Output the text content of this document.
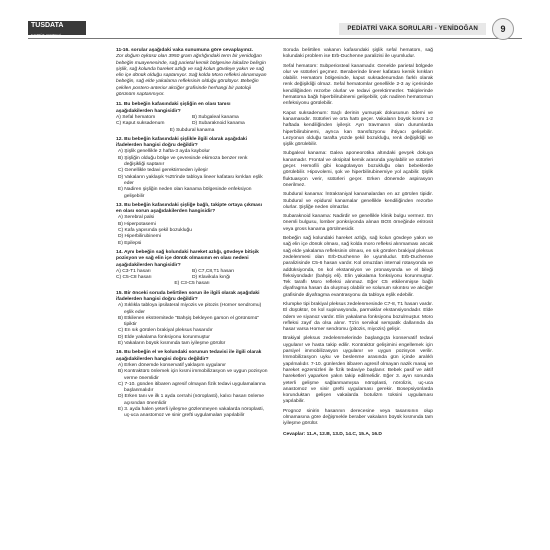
TUSDATA
KAMPÜS YAYINEVİ
PEDİATRİ VAKA SORULARI - YENİDOĞAN	9
11-16. sorular aşağıdaki vaka sunumuna göre cevaplayınız.
Zor doğum öyküsü olan 3950 gram ağırlığındaki term bir yenidoğan bebeğin muayenesinde, sağ parietal kemik bölgesine lokalize belirgin şişlik, sağ kolunda hareket azlığı ve sağ kolun gövdeye yakın ve sağ elin içe dönük olduğu saptanıyor. Sağ kolda Moro refleksi alınamayan bebeğin, sağ elde yakalama refleksinin olduğu görülüyor. Bebeğin çekilen postero-anterior akciğer grafisinde herhangi bir patoloji görünüm saptanmıyor.
11. Bu bebeğin kafasındaki şişliğin en olası tanısı aşağıdakilerden hangisidir?
A) Sefal hematom	B) Subgaleal kanama
C) Kaput suksadenum	D) Subaraknoid kanama
E) Subdural kanama
12. Bu bebeğin kafasındaki şişlikle ilgili olarak aşağıdaki ifadelerden hangisi doğru değildir?
A) Şişlik genellikle 2 hafta-3 ayda kaybolur
B) Şişliğin olduğu bölge ve çevresinde ekimoza benzer renk değişikliği saptanır
C) Genellikle tedavi gerektirmeden iyileşir
D) Vakaların yaklaşık %25'inde tabloya lineer kafatası kırıkları eşlik eder
E) Nadiren şişliğin neden olan kanama bölgesinde enfeksiyon gelişebilir
13. Bu bebeğin kafasındaki şişliğe bağlı, takipte ortaya çıkması en olası sorun aşağıdakilerden hangisidir?
A) Serebral palsi
B) Hiperpotasemi
C) Kafa yapısında şekil bozukluğu
D) Hiperbilirubinemi
E) Epilepsi
14. Aynı bebeğin sağ kolundaki hareket azlığı, gövdeye bitişik pozisyon ve sağ elin içe dönük olmasının en olası nedeni aşağıdakilerden hangisidir?
A) C3-T1 hasarı	B) C7,C8,T1 hasarı
C) C5-C8 hasarı	D) Klavikula kırığı
E) C3-C5 hasarı
15. Bir önceki soruda belirtilen sorun ile ilgili olarak aşağıdaki ifadelerden hangisi doğru değildir?
A) Sıklıkla tabloya ipsilateral miyozis ve pitozis (Horner sendromu) eşlik eder
B) Etkilenen ekstremitede "Bahşiş bekleyen garson el görünümü" tipiktir
C) En sık görülen brakiyal pleksus hasarıdır
D) Elde yakalama fonksiyonu korunmuştur
E) Vakaların büyük kısmında tam iyileşme görülür
16. Bu bebeğin el ve kolundaki sorunun tedavisi ile ilgili olarak aşağıdakilerden hangisi doğru değildir?
A) Erken dönemde konservatif yaklaşım uygulanır
B) Kontraktürü önlemek için kısmi immobilizasyon ve uygun pozisyon verme önemlidir
C) 7-10. günden itibaren agresif olmayan fizik tedavi uygulamalarına başlanmalıdır
D) Erken tanı ve ilk 1 ayda cerrahi (nöroplasti), kalıcı hasarı önleme açısından önemlidir
E) 3. ayda halen yeterli iyileşme gözlenmeyen vakalarda nöroplasti, uç-uca anastomoz ve sinir grefti uygulamaları yapılabilir
Soruda belirtilen vakanın kafasındaki şişlik sefal hematom, sağ kolundaki problem ise Erb-Duchenne paralizisi ile uyumludur.
Sefal hematom: Subperiosteal kanamadır. Genelde parietal bölgede olur ve sütürleri geçmez. Beraberinde lineer kafatası kemik kırıkları olabilir. Hematom bölgesinde, kaput suksadenumdan farklı olarak renk değişikliği olmaz. Sefal hematomlar genellikle 2-3 ay içerisinde kendiliğinden rezorbe olurlar ve tedavi gerektirmezler. Takiplerinde hematoma bağlı hiperbilirubinemi gelişebilir, çok nadiren hematomun enfeksiyonu görülebilir.
Kaput suksadenum: Saçlı derinin yumuşak dokusunun ödemi ve kanamasıdır. Sütürleri ve orta hattı geçer. Vakaların büyük kısmı 1-2 haftada kendiliğinden iyileşir. Ayrı travmanın olan durumlarda hiperbilirubinemi, ayrıca kan transfüzyonu ihtiyacı gelişebilir. Lezyonun olduğu tarafta yüzde şekil bozukluğu, renk değişikliği ve şişlik görülebilir.
Subgaleal kanama: Galea aponeorotika altındaki gevşek dokuya kanamadır. Frontal ve oksipital kemik arasında yayılabilir ve sütürleri geçer. Hemofili gibi koagülasyon bozukluğu olan bebeklerde görülebilir. Hipovolemi, şok ve hiperbilirubinemiye yol açabilir. Şişlik fluktuasyon verir, sütürleri geçer. Erken dönemde aspirasyon önerilmez.
Subdural kanama: İntrakraniyal kanamalardan en az görülen tipidir. Subdural ve epidural kanamalar genellikle kendiliğinden rezorbe olurlar. Şişliğe neden olmazlar.
Subaraknoid kanama: Nadirdir ve genellikle klinik bulgu vermez. En önemli bulgusu, lomber ponksiyonda alınan BOS örneğinde eritrosit veya gross kanama görülmesidir.
Bebeğin sağ kolundaki hareket azlığı, sağ kolun gövdeye yakın ve sağ elin içe dönük olması, sağ kolda moro refleksi alınmaması ancak sağ elde yakalama refleksinin olması, en sık görülen brakiyal pleksus zedelenmesi olan Erb-Duchenne ile uyumludur. Erb-Duchenne paralizisinde C5-6 hasarı vardır. Kol omuzdan internal rotasyonda ve addüksiyonda, ön kol ekstansiyon ve pronasyonda ve el bileği fleksiyondadır (bahşiş eli). Elin yakalama fonksiyonu korunmuştur. Tek taraflı Moro refleksi alınmaz. Eğer C5 etkilenmişse bağlı diyafragma hasarı da oluşmuş olabilir ve solunum sıkıntısı ve akciğer grafisinde diyafragma evantrasyonu da tabloya eşlik edebilir.
Klumpke tipi brakiyal pleksus zedelenmesinde C7-8, T1 hasarı vardır. El düşüktür, ön kol supinasyonda, parmaklar ekstansiyondadır. Elde ödem ve siyanoz vardır. Elin yakalama fonksiyonu bozulmuştur. Moro refleksi zayıf da olsa alınır. T1'in servikal sempatik dallarında da hasar varsa Horner sendromu (pitozis, miyozis) gelişir.
Brakiyal pleksus zedelenmelerinde başlangıçta konservatif tedavi uygulanır ve hasta takip edilir. Kontraktür gelişimini engellemek için parsiyel immobilizasyon uygulanır ve uygun pozisyon verilir. İmmobilizasyon uyku ve beslenme arasında gün içinde aralıklı yapılmalıdır. 7-10. günlerden itibaren agresif olmayan nazik masaj ve hareket egzersizleri ile fizik tedaviye başlanır. Bebek pasif ve aktif hareketleri yaparken yakın takip edilmelidir. Eğer 3. ayın sonunda yeterli gelişme sağlanmamışsa nöroplasti, nörolizis, uç-uca anastomoz ve sinir grefti uygulaması gerekir. Bosepsiyonlarda korunduktan gelişen vakalarda botulizm toksini uygulaması yapılabilir.
Prognoz sinirin hasarının derecesine veya tasarısının olup olmamasına göre değişmekle beraber vakaların büyük kısmında tam iyileşme görülür.
Cevaplar: 11.A, 12.B, 13.D, 14.C, 15.A, 16.D
